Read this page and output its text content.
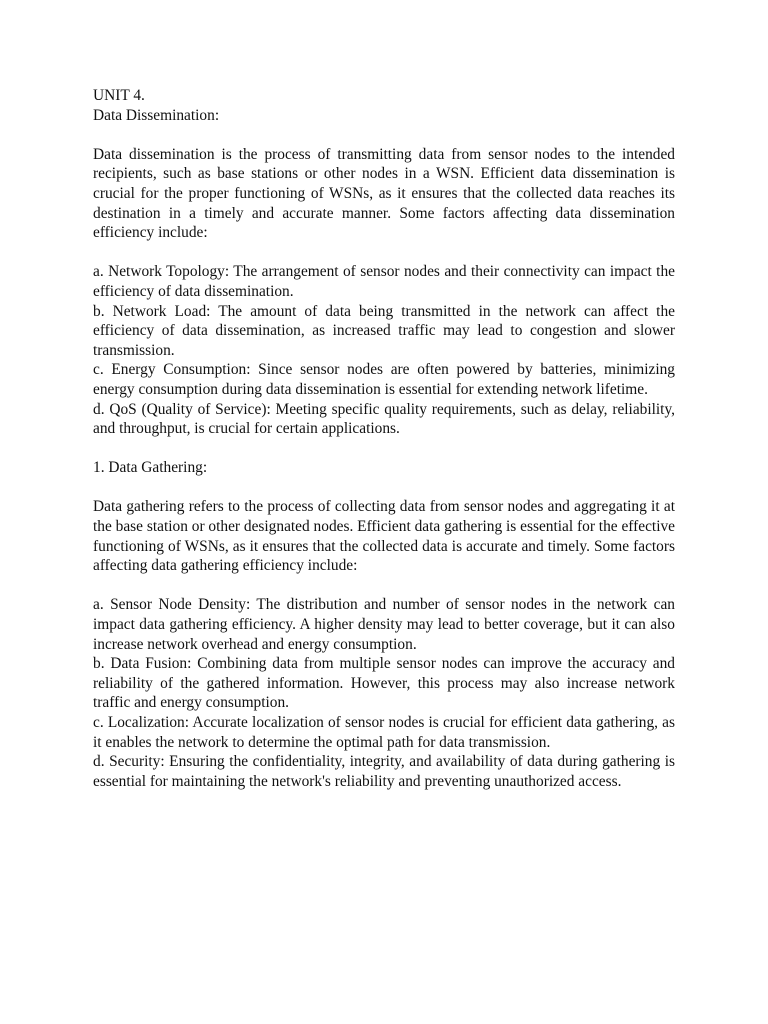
UNIT 4.
Data Dissemination:

Data dissemination is the process of transmitting data from sensor nodes to the intended recipients, such as base stations or other nodes in a WSN. Efficient data dissemination is crucial for the proper functioning of WSNs, as it ensures that the collected data reaches its destination in a timely and accurate manner. Some factors affecting data dissemination efficiency include:

a. Network Topology: The arrangement of sensor nodes and their connectivity can impact the efficiency of data dissemination.

b. Network Load: The amount of data being transmitted in the network can affect the efficiency of data dissemination, as increased traffic may lead to congestion and slower transmission.

c. Energy Consumption: Since sensor nodes are often powered by batteries, minimizing energy consumption during data dissemination is essential for extending network lifetime.

d. QoS (Quality of Service): Meeting specific quality requirements, such as delay, reliability, and throughput, is crucial for certain applications.

1. Data Gathering:

Data gathering refers to the process of collecting data from sensor nodes and aggregating it at the base station or other designated nodes. Efficient data gathering is essential for the effective functioning of WSNs, as it ensures that the collected data is accurate and timely. Some factors affecting data gathering efficiency include:

a. Sensor Node Density: The distribution and number of sensor nodes in the network can impact data gathering efficiency. A higher density may lead to better coverage, but it can also increase network overhead and energy consumption.

b. Data Fusion: Combining data from multiple sensor nodes can improve the accuracy and reliability of the gathered information. However, this process may also increase network traffic and energy consumption.

c. Localization: Accurate localization of sensor nodes is crucial for efficient data gathering, as it enables the network to determine the optimal path for data transmission.

d. Security: Ensuring the confidentiality, integrity, and availability of data during gathering is essential for maintaining the network's reliability and preventing unauthorized access.
